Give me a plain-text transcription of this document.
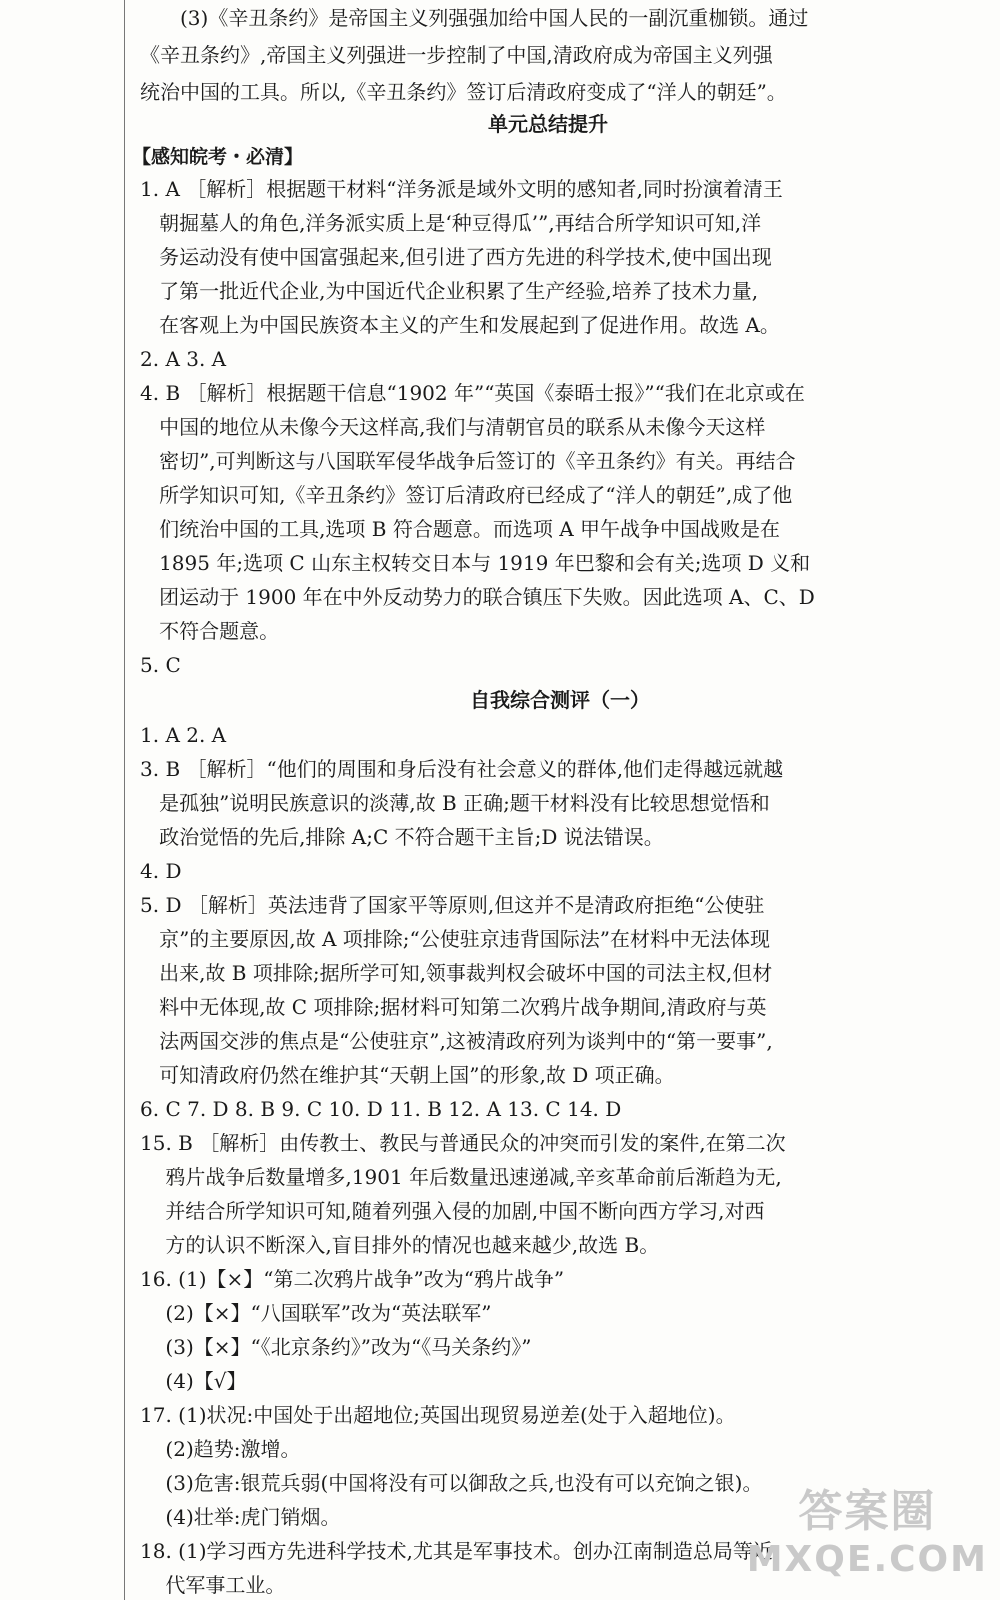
(3)《辛丑条约》是帝国主义列强强加给中国人民的一副沉重枷锁。通过
《辛丑条约》,帝国主义列强进一步控制了中国,清政府成为帝国主义列强
统治中国的工具。所以,《辛丑条约》签订后清政府变成了“洋人的朝廷”。
单元总结提升
【感知皖考・必清】
1. A ［解析］根据题干材料“洋务派是域外文明的感知者,同时扮演着清王
朝掘墓人的角色,洋务派实质上是‘种豆得瓜’”,再结合所学知识可知,洋
务运动没有使中国富强起来,但引进了西方先进的科学技术,使中国出现
了第一批近代企业,为中国近代企业积累了生产经验,培养了技术力量,
在客观上为中国民族资本主义的产生和发展起到了促进作用。故选 A。
2. A 3. A
4. B ［解析］根据题干信息“1902 年”“英国《泰晤士报》”“我们在北京或在
中国的地位从未像今天这样高,我们与清朝官员的联系从未像今天这样
密切”,可判断这与八国联军侵华战争后签订的《辛丑条约》有关。再结合
所学知识可知,《辛丑条约》签订后清政府已经成了“洋人的朝廷”,成了他
们统治中国的工具,选项 B 符合题意。而选项 A 甲午战争中国战败是在
1895 年;选项 C 山东主权转交日本与 1919 年巴黎和会有关;选项 D 义和
团运动于 1900 年在中外反动势力的联合镇压下失败。因此选项 A、C、D
不符合题意。
5. C
自我综合测评（一）
1. A 2. A
3. B ［解析］“他们的周围和身后没有社会意义的群体,他们走得越远就越
是孤独”说明民族意识的淡薄,故 B 正确;题干材料没有比较思想觉悟和
政治觉悟的先后,排除 A;C 不符合题干主旨;D 说法错误。
4. D
5. D ［解析］英法违背了国家平等原则,但这并不是清政府拒绝“公使驻
京”的主要原因,故 A 项排除;“公使驻京违背国际法”在材料中无法体现
出来,故 B 项排除;据所学可知,领事裁判权会破坏中国的司法主权,但材
料中无体现,故 C 项排除;据材料可知第二次鸦片战争期间,清政府与英
法两国交涉的焦点是“公使驻京”,这被清政府列为谈判中的“第一要事”,
可知清政府仍然在维护其“天朝上国”的形象,故 D 项正确。
6. C 7. D 8. B 9. C 10. D 11. B 12. A 13. C 14. D
15. B ［解析］由传教士、教民与普通民众的冲突而引发的案件,在第二次
鸦片战争后数量增多,1901 年后数量迅速递减,辛亥革命前后渐趋为无,
并结合所学知识可知,随着列强入侵的加剧,中国不断向西方学习,对西
方的认识不断深入,盲目排外的情况也越来越少,故选 B。
16. (1)【×】“第二次鸦片战争”改为“鸦片战争”
(2)【×】“八国联军”改为“英法联军”
(3)【×】“《北京条约》”改为“《马关条约》”
(4)【√】
17. (1)状况:中国处于出超地位;英国出现贸易逆差(处于入超地位)。
(2)趋势:激增。
(3)危害:银荒兵弱(中国将没有可以御敌之兵,也没有可以充饷之银)。
(4)壮举:虎门销烟。
18. (1)学习西方先进科学技术,尤其是军事技术。创办江南制造总局等近
代军事工业。
答案圈
MXQE.COM
